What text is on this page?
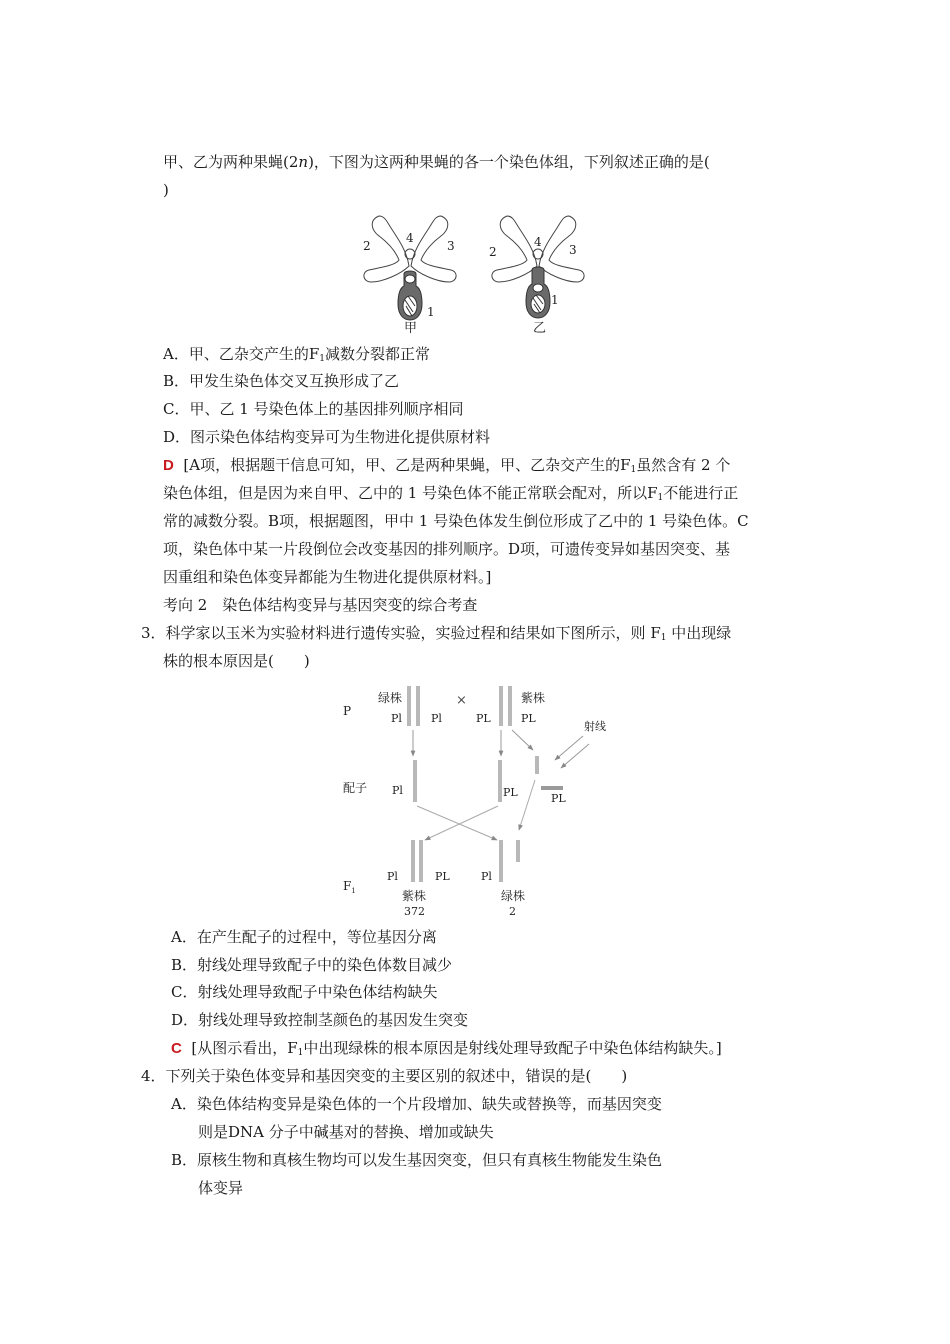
甲、乙为两种果蝇(2n)，下图为这两种果蝇的各一个染色体组，下列叙述正确的是(
)
2
4
3
1
甲
2
4
3
1
乙
A．甲、乙杂交产生的$F_1$减数分裂都正常
B．甲发生染色体交叉互换形成了乙
C．甲、乙 1 号染色体上的基因排列顺序相同
D．图示染色体结构变异可为生物进化提供原材料
D [A项，根据题干信息可知，甲、乙是两种果蝇，甲、乙杂交产生的$F_1$虽然含有 2 个
染色体组，但是因为来自甲、乙中的 1 号染色体不能正常联会配对，所以$F_1$不能进行正
常的减数分裂。B项，根据题图，甲中 1 号染色体发生倒位形成了乙中的 1 号染色体。C
项，染色体中某一片段倒位会改变基因的排列顺序。D项，可遗传变异如基因突变、基
因重组和染色体变异都能为生物进化提供原材料。]
考向 2　染色体结构变异与基因突变的综合考查
3．科学家以玉米为实验材料进行遗传实验，实验过程和结果如下图所示，则 $F_1$ 中出现绿
株的根本原因是(　　)
P
配子
$F_1$
绿株
Pl	Pl
×	紫株
PL	PL
射线
Pl	PL	PL
Pl	PL
紫株
372
Pl
绿株
2
A．在产生配子的过程中，等位基因分离
B．射线处理导致配子中的染色体数目减少
C．射线处理导致配子中染色体结构缺失
D．射线处理导致控制茎颜色的基因发生突变
C [从图示看出，$F_1$中出现绿株的根本原因是射线处理导致配子中染色体结构缺失。]
4．下列关于染色体变异和基因突变的主要区别的叙述中，错误的是(　　)
A．染色体结构变异是染色体的一个片段增加、缺失或替换等，而基因突变
则是DNA 分子中碱基对的替换、增加或缺失
B．原核生物和真核生物均可以发生基因突变，但只有真核生物能发生染色
体变异
